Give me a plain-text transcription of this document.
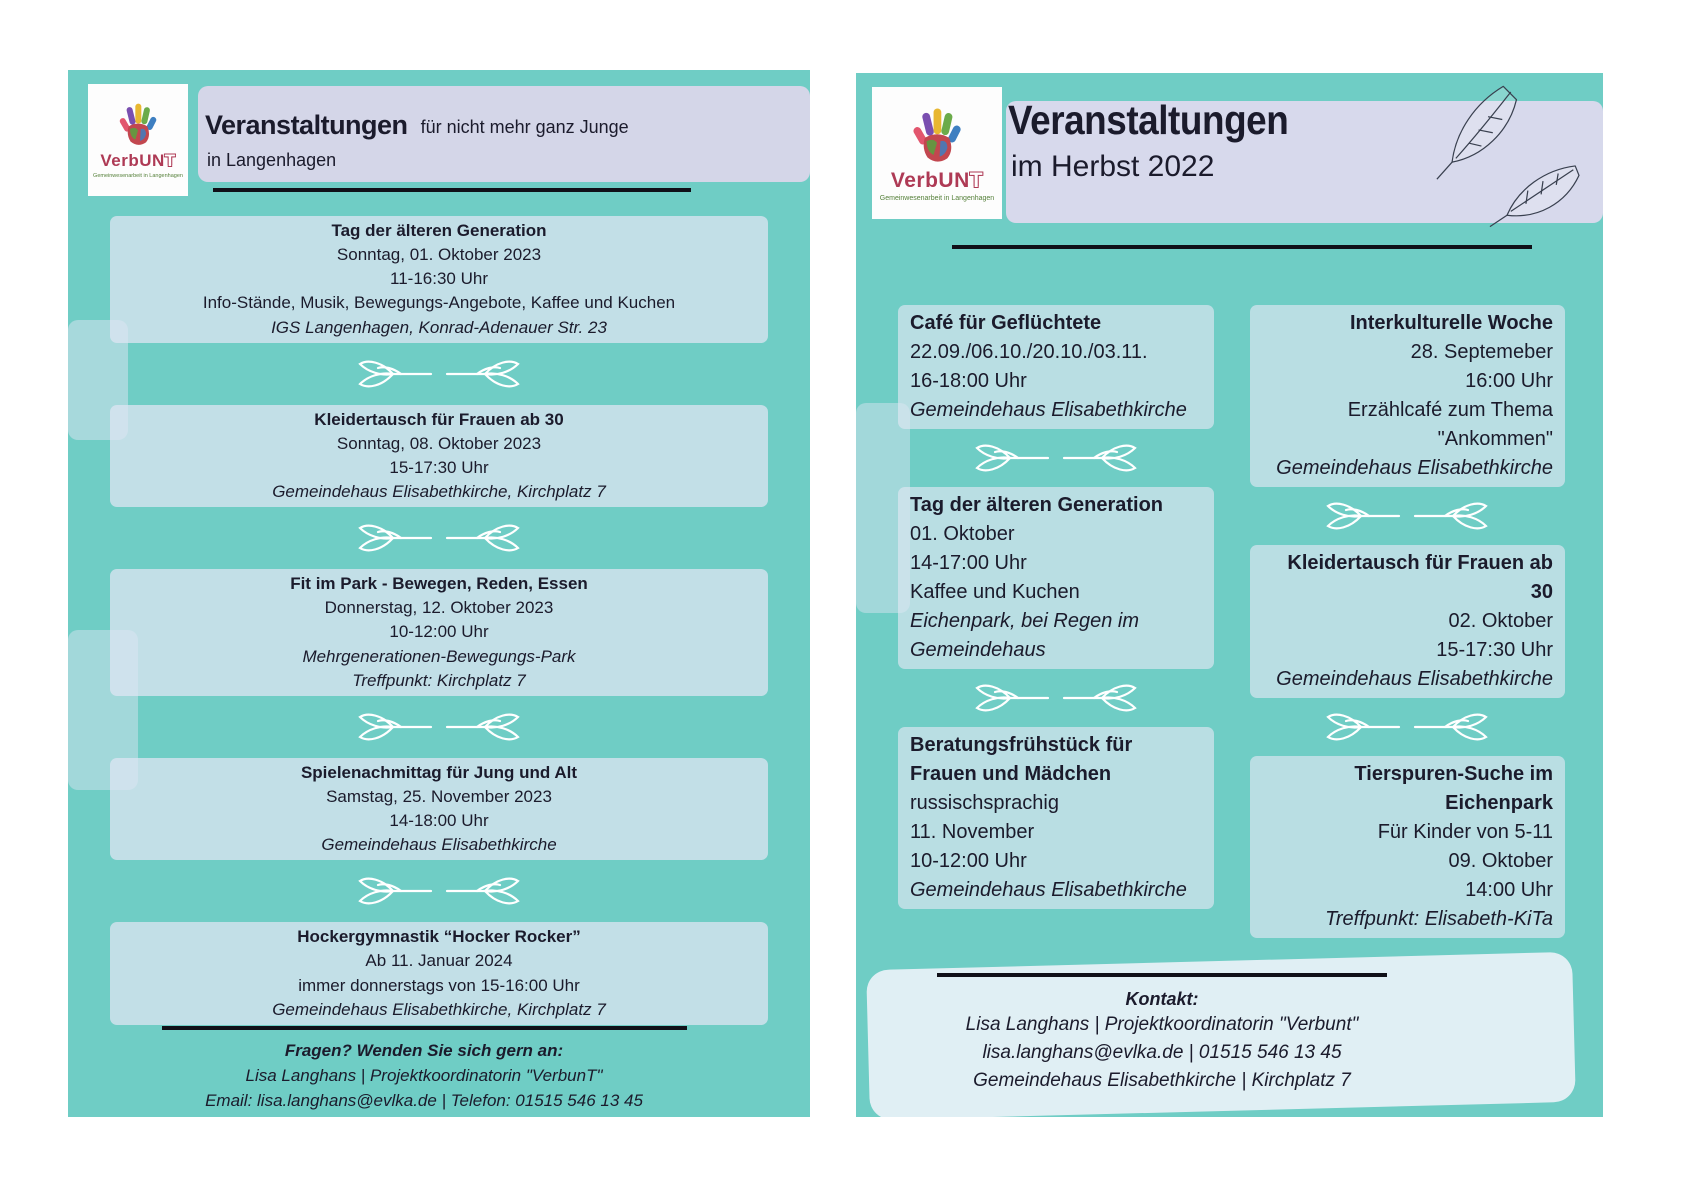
VerbUNT
Gemeinwesenarbeit in Langenhagen
Veranstaltungen für nicht mehr ganz Junge
in Langenhagen
Tag der älteren Generation
Sonntag, 01. Oktober 2023
11-16:30 Uhr
Info-Stände, Musik, Bewegungs-Angebote, Kaffee und Kuchen
IGS Langenhagen, Konrad-Adenauer Str. 23
Kleidertausch für Frauen ab 30
Sonntag, 08. Oktober 2023
15-17:30 Uhr
Gemeindehaus Elisabethkirche, Kirchplatz 7
Fit im Park - Bewegen, Reden, Essen
Donnerstag, 12. Oktober 2023
10-12:00 Uhr
Mehrgenerationen-Bewegungs-Park
Treffpunkt: Kirchplatz 7
Spielenachmittag für Jung und Alt
Samstag, 25. November 2023
14-18:00 Uhr
Gemeindehaus Elisabethkirche
Hockergymnastik “Hocker Rocker”
Ab 11. Januar 2024
immer donnerstags von 15-16:00 Uhr
Gemeindehaus Elisabethkirche, Kirchplatz 7
Fragen? Wenden Sie sich gern an:
Lisa Langhans | Projektkoordinatorin "VerbunT"
Email: lisa.langhans@evlka.de | Telefon: 01515 546 13 45
VerbUNT
Gemeinwesenarbeit in Langenhagen
Veranstaltungen
im Herbst 2022
Café für Geflüchtete
22.09./06.10./20.10./03.11.
16-18:00 Uhr
Gemeindehaus Elisabethkirche
Tag der älteren Generation
01. Oktober
14-17:00 Uhr
Kaffee und Kuchen
Eichenpark, bei Regen im
Gemeindehaus
Beratungsfrühstück für
Frauen und Mädchen
russischsprachig
11. November
10-12:00 Uhr
Gemeindehaus Elisabethkirche
Interkulturelle Woche
28. Septemeber
16:00 Uhr
Erzählcafé zum Thema
"Ankommen"
Gemeindehaus Elisabethkirche
Kleidertausch für Frauen ab 30
02. Oktober
15-17:30 Uhr
Gemeindehaus Elisabethkirche
Tierspuren-Suche im
Eichenpark
Für Kinder von 5-11
09. Oktober
14:00 Uhr
Treffpunkt: Elisabeth-KiTa
Kontakt:
Lisa Langhans | Projektkoordinatorin "Verbunt"
lisa.langhans@evlka.de | 01515 546 13 45
Gemeindehaus Elisabethkirche | Kirchplatz 7
